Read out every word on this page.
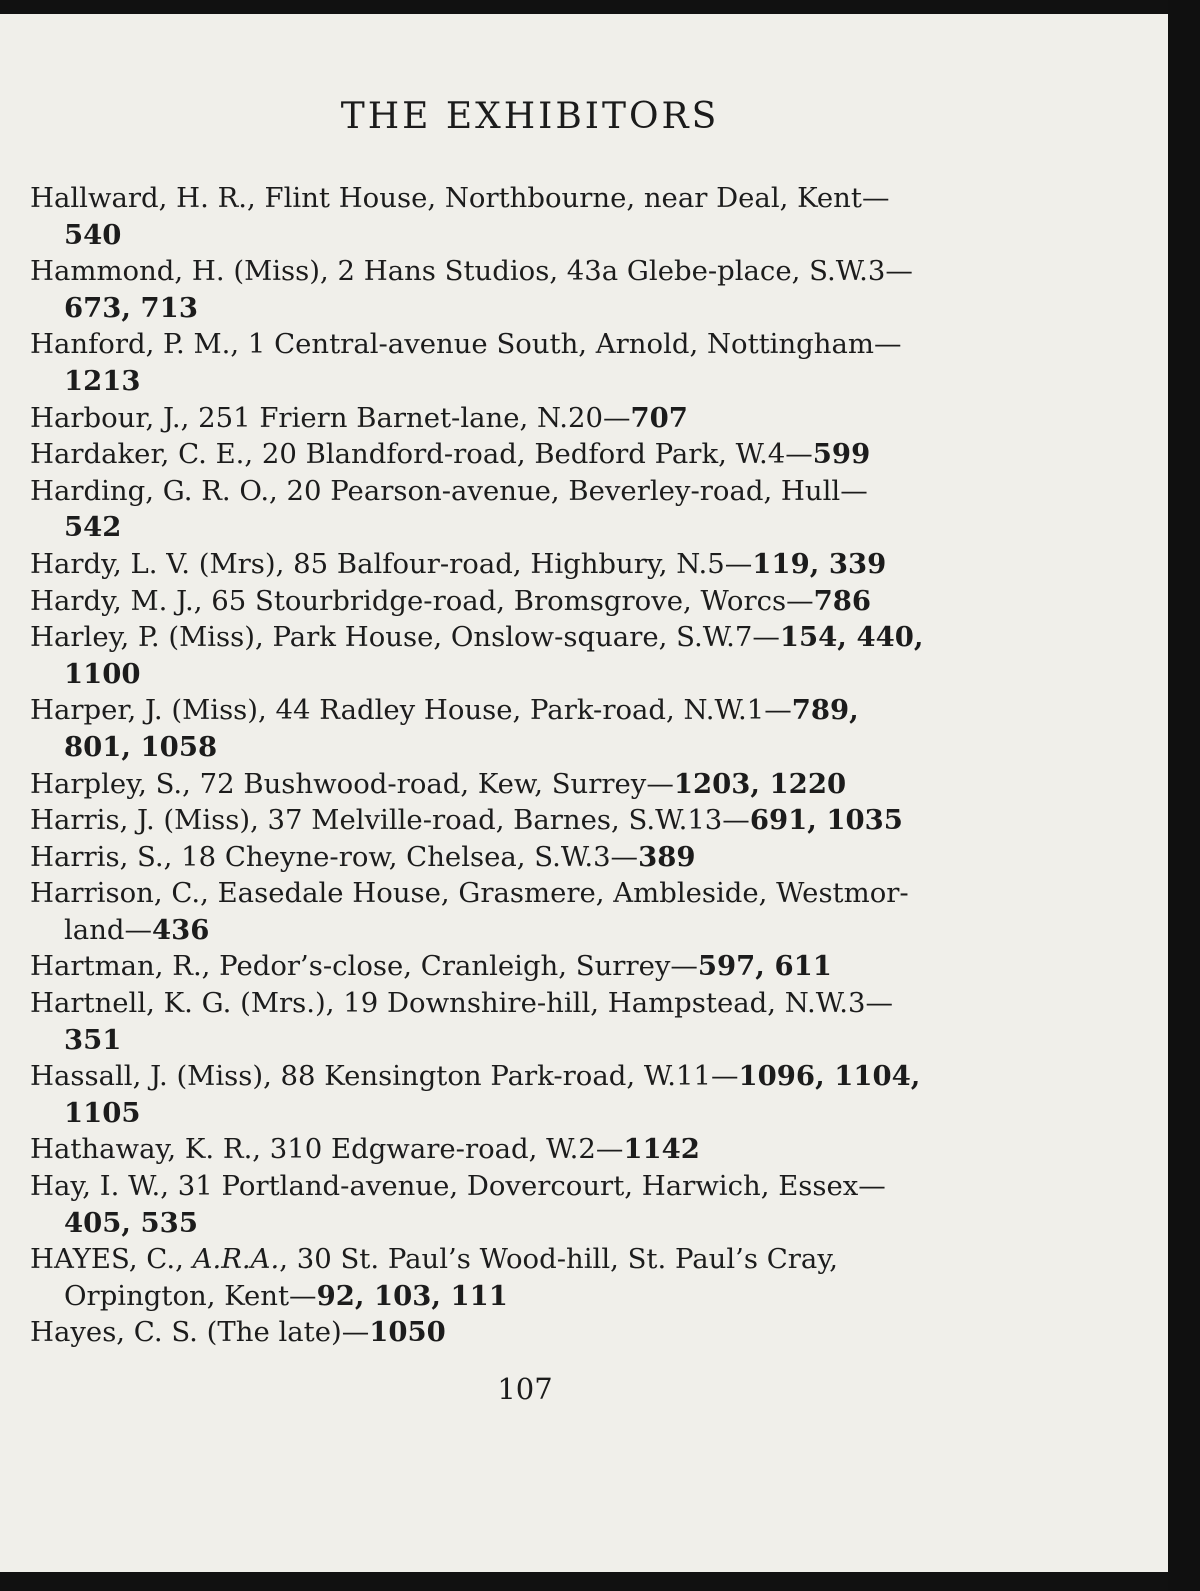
THE EXHIBITORS
Hallward, H. R., Flint House, Northbourne, near Deal, Kent—
540
Hammond, H. (Miss), 2 Hans Studios, 43a Glebe-place, S.W.3—
673, 713
Hanford, P. M., 1 Central-avenue South, Arnold, Nottingham—
1213
Harbour, J., 251 Friern Barnet-lane, N.20—707
Hardaker, C. E., 20 Blandford-road, Bedford Park, W.4—599
Harding, G. R. O., 20 Pearson-avenue, Beverley-road, Hull—
542
Hardy, L. V. (Mrs), 85 Balfour-road, Highbury, N.5—119, 339
Hardy, M. J., 65 Stourbridge-road, Bromsgrove, Worcs—786
Harley, P. (Miss), Park House, Onslow-square, S.W.7—154, 440,
1100
Harper, J. (Miss), 44 Radley House, Park-road, N.W.1—789,
801, 1058
Harpley, S., 72 Bushwood-road, Kew, Surrey—1203, 1220
Harris, J. (Miss), 37 Melville-road, Barnes, S.W.13—691, 1035
Harris, S., 18 Cheyne-row, Chelsea, S.W.3—389
Harrison, C., Easedale House, Grasmere, Ambleside, Westmor-
land—436
Hartman, R., Pedor’s-close, Cranleigh, Surrey—597, 611
Hartnell, K. G. (Mrs.), 19 Downshire-hill, Hampstead, N.W.3—
351
Hassall, J. (Miss), 88 Kensington Park-road, W.11—1096, 1104,
1105
Hathaway, K. R., 310 Edgware-road, W.2—1142
Hay, I. W., 31 Portland-avenue, Dovercourt, Harwich, Essex—
405, 535
HAYES, C., A.R.A., 30 St. Paul’s Wood-hill, St. Paul’s Cray,
Orpington, Kent—92, 103, 111
Hayes, C. S. (The late)—1050

107
